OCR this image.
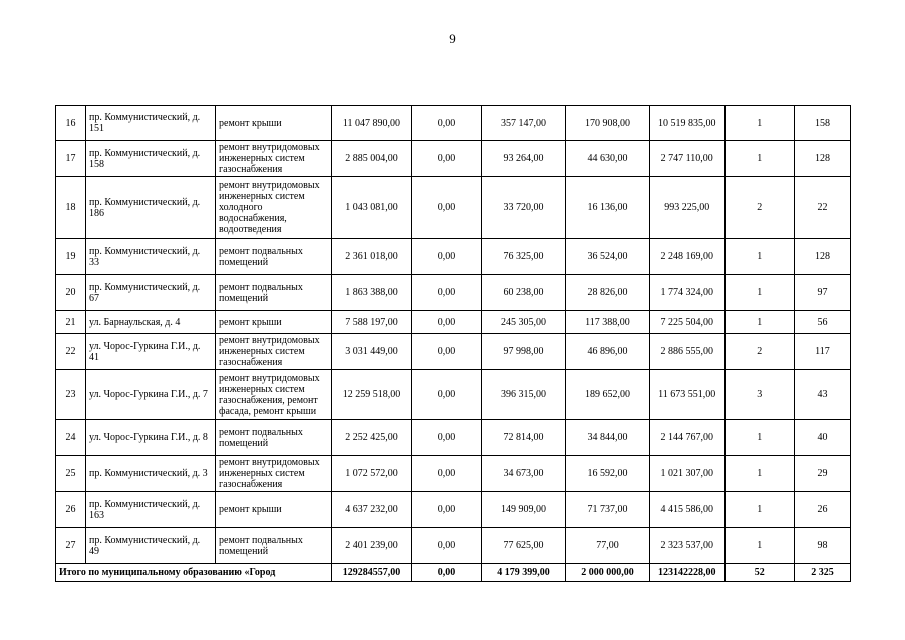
9
16	пр. Коммунистический, д. 151	ремонт крыши	11 047 890,00	0,00	357 147,00	170 908,00	10 519 835,00	1	158
17	пр. Коммунистический, д. 158	ремонт внутридомовых инженерных систем газоснабжения	2 885 004,00	0,00	93 264,00	44 630,00	2 747 110,00	1	128
18	пр. Коммунистический, д. 186	ремонт внутридомовых инженерных систем холодного водоснабжения, водоотведения	1 043 081,00	0,00	33 720,00	16 136,00	993 225,00	2	22
19	пр. Коммунистический, д. 33	ремонт подвальных помещений	2 361 018,00	0,00	76 325,00	36 524,00	2 248 169,00	1	128
20	пр. Коммунистический, д. 67	ремонт подвальных помещений	1 863 388,00	0,00	60 238,00	28 826,00	1 774 324,00	1	97
21	ул. Барнаульская, д. 4	ремонт крыши	7 588 197,00	0,00	245 305,00	117 388,00	7 225 504,00	1	56
22	ул. Чорос-Гуркина Г.И., д. 41	ремонт внутридомовых инженерных систем газоснабжения	3 031 449,00	0,00	97 998,00	46 896,00	2 886 555,00	2	117
23	ул. Чорос-Гуркина Г.И., д. 7	ремонт внутридомовых инженерных систем газоснабжения, ремонт фасада, ремонт крыши	12 259 518,00	0,00	396 315,00	189 652,00	11 673 551,00	3	43
24	ул. Чорос-Гуркина Г.И., д. 8	ремонт подвальных помещений	2 252 425,00	0,00	72 814,00	34 844,00	2 144 767,00	1	40
25	пр. Коммунистический, д. 3	ремонт внутридомовых инженерных систем газоснабжения	1 072 572,00	0,00	34 673,00	16 592,00	1 021 307,00	1	29
26	пр. Коммунистический, д. 163	ремонт крыши	4 637 232,00	0,00	149 909,00	71 737,00	4 415 586,00	1	26
27	пр. Коммунистический, д. 49	ремонт подвальных помещений	2 401 239,00	0,00	77 625,00	77,00	2 323 537,00	1	98
Итого по муниципальному образованию «Город			129284557,00	0,00	4 179 399,00	2 000 000,00	123142228,00	52	2 325
